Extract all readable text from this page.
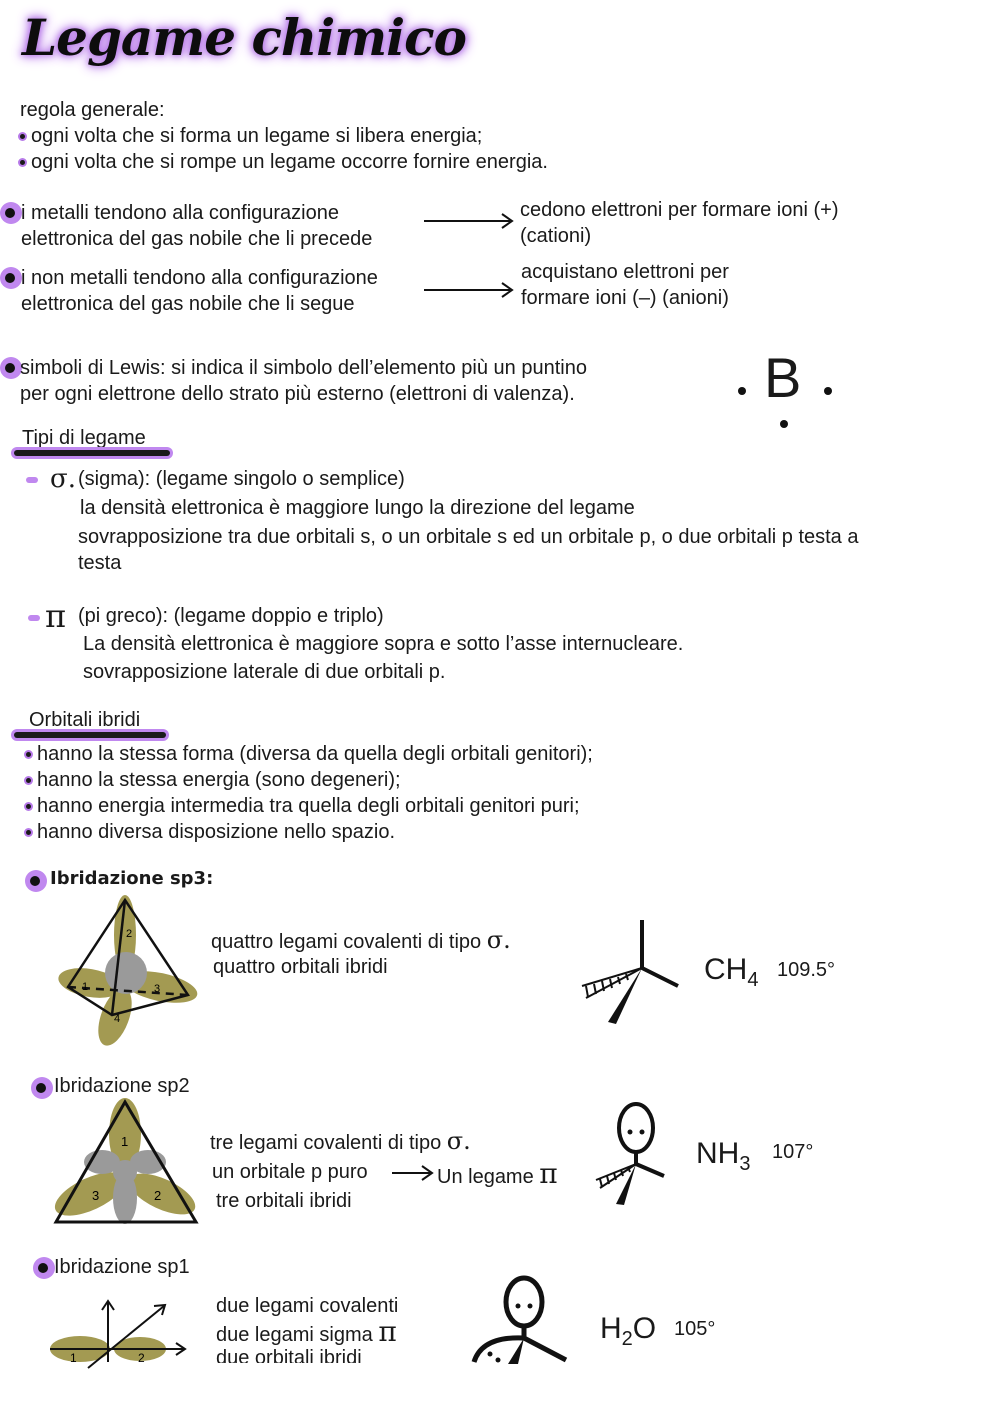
Legame chimico
regola generale:
ogni volta che si forma un legame si libera energia;
ogni volta che si rompe un legame occorre fornire energia.
i metalli tendono alla configurazione
elettronica del gas nobile che li precede
cedono elettroni per formare ioni (+)
(cationi)
i non metalli tendono alla configurazione
elettronica del gas nobile che li segue
acquistano elettroni per
formare ioni (–) (anioni)
simboli di Lewis: si indica il simbolo dell’elemento più un puntino
per ogni elettrone dello strato più esterno (elettroni di valenza).	B
Tipi di legame
σ. (sigma): (legame singolo o semplice)
la densità elettronica è maggiore lungo la direzione del legame
sovrapposizione tra due orbitali s, o un orbitale s ed un orbitale p, o due orbitali p testa a
testa
π (pi greco): (legame doppio e triplo)
La densità elettronica è maggiore sopra e sotto l’asse internucleare.
sovrapposizione laterale di due orbitali p.
Orbitali ibridi
hanno la stessa forma (diversa da quella degli orbitali genitori);
hanno la stessa energia (sono degeneri);
hanno energia intermedia tra quella degli orbitali genitori puri;
hanno diversa disposizione nello spazio.
Ibridazione sp3:
2
1	3
4
quattro legami covalenti di tipo σ.
quattro orbitali ibridi	$CH_4$ 109.5°
Ibridazione sp2
1
3	2
tre legami covalenti di tipo σ.
un orbitale p puro	Un legame π
tre orbitali ibridi
$NH_3$
107°
Ibridazione sp1
1	2
due legami covalenti
due legami sigma π
due orbitali ibridi
$H_2O$ 105°
